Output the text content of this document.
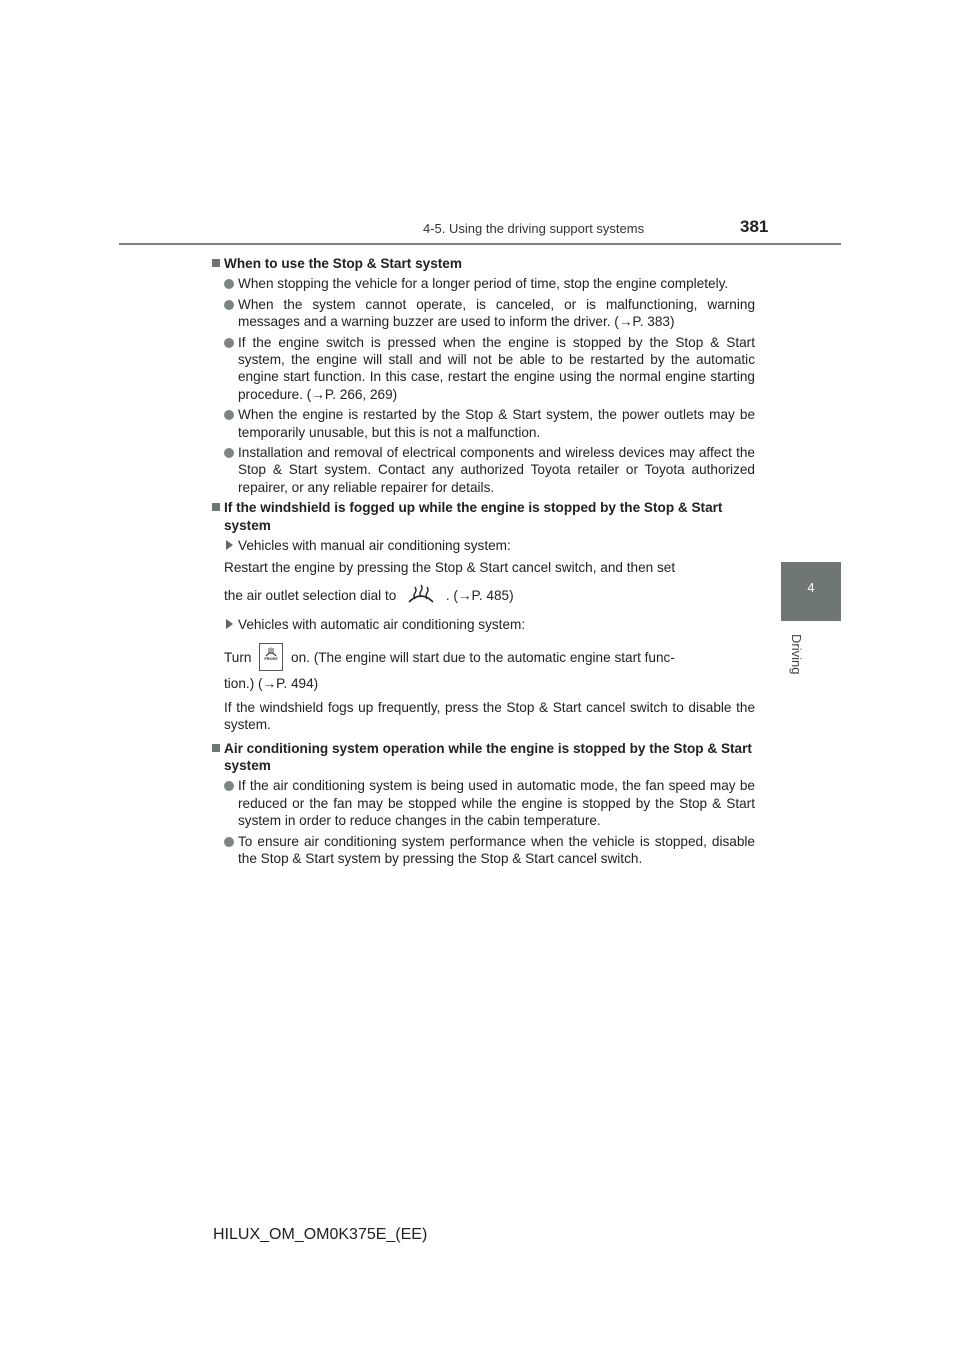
4-5. Using the driving support systems	381
4
Driving
When to use the Stop & Start system
When stopping the vehicle for a longer period of time, stop the engine completely.
When the system cannot operate, is canceled, or is malfunctioning, warning messages and a warning buzzer are used to inform the driver. (→P. 383)
If the engine switch is pressed when the engine is stopped by the Stop & Start system, the engine will stall and will not be able to be restarted by the automatic engine start function. In this case, restart the engine using the normal engine starting procedure. (→P. 266, 269)
When the engine is restarted by the Stop & Start system, the power outlets may be temporarily unusable, but this is not a malfunction.
Installation and removal of electrical components and wireless devices may affect the Stop & Start system. Contact any authorized Toyota retailer or Toyota authorized repairer, or any reliable repairer for details.
If the windshield is fogged up while the engine is stopped by the Stop & Start system
Vehicles with manual air conditioning system:
Restart the engine by pressing the Stop & Start cancel switch, and then set
the air outlet selection dial to	. (→P. 485)
Vehicles with automatic air conditioning system:
Turn	FRONT on. (The engine will start due to the automatic engine start func-
tion.) (→P. 494)
If the windshield fogs up frequently, press the Stop & Start cancel switch to disable the system.
Air conditioning system operation while the engine is stopped by the Stop & Start system
If the air conditioning system is being used in automatic mode, the fan speed may be reduced or the fan may be stopped while the engine is stopped by the Stop & Start system in order to reduce changes in the cabin temperature.
To ensure air conditioning system performance when the vehicle is stopped, disable the Stop & Start system by pressing the Stop & Start cancel switch.
HILUX_OM_OM0K375E_(EE)
